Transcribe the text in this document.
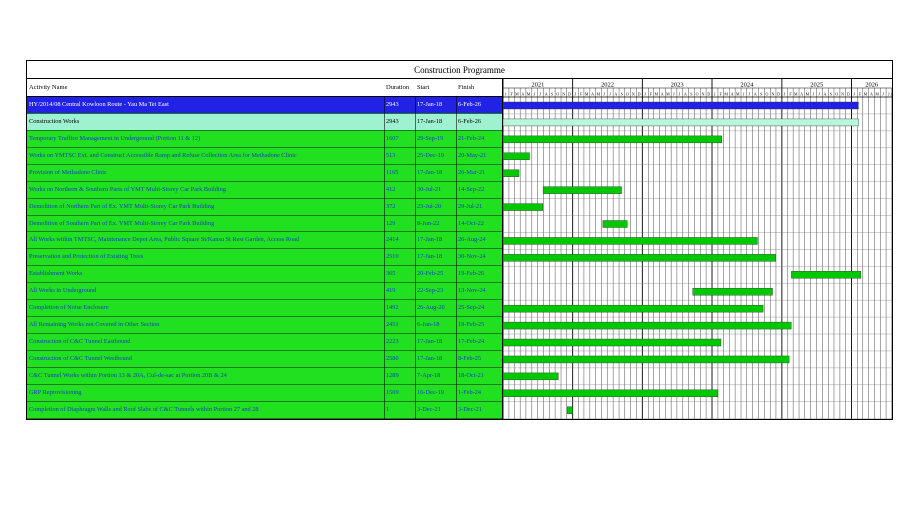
Construction Programme
Activity Name	Duration	Start	Finish
HY/2014/08 Central Kowloon Route - Yau Ma Tei East	2943	17-Jan-18	6-Feb-26
Construction Works	2943	17-Jan-18	6-Feb-26
Temporary Traffice Management in Underground (Portion 11 & 12)	1607	29-Sep-19	21-Feb-24
Works on YMTSC Ext. and Construct Accessible Ramp and Refuse Collection Area for Methadone Clinic	513	25-Dec-19	20-May-21
Provision of Methadone Clinic	1165	17-Jan-18	26-Mar-21
Works on Northern & Southern Parts of YMT Multi-Storey Car Park Building	412	30-Jul-21	14-Sep-22
Demolition of Northern Part of Ex. YMT Multi-Storey Car Park Building	372	23-Jul-20	29-Jul-21
Demolition of Southern Part of Ex. YMT Multi-Storey Car Park Building	129	8-Jun-22	14-Oct-22
All Works within TMTSC, Maintenance Depot Area, Public Square St/Kansu St Rest Garden, Access Road	2414	17-Jan-18	26-Aug-24
Preservation and Protection of Existing Trees	2510	17-Jan-18	30-Nov-24
Establishment Works	365	20-Feb-25	19-Feb-26
All Works in Underground	419	22-Sep-23	13-Nov-24
Completion of Noise Enclosure	1492	26-Aug-20	25-Sep-24
All Remaining Works not Covered in Other Section	2451	6-Jun-18	19-Feb-25
Construction of C&C Tunnel Eastbound	2223	17-Jan-18	17-Feb-24
Construction of C&C Tunnel Westbound	2580	17-Jan-18	8-Feb-25
C&C Tunnel Works within Portion 13 & 20A, Cul-de-sac at Portion 20B & 24	1289	7-Apr-18	18-Oct-21
GRP Reprovisioning	1509	16-Dec-19	1-Feb-24
Completion of Diaphragm Walls and Roof Slabs of C&C Tunnels within Portion 27 and 28	1	3-Dec-21	3-Dec-21
J F M A M J J A S O N D J F M A M J J A S O N D J F M A M J J A S O N D J F M A M J J A S O N D J F M A M J J A S O N D J F M A M J J A
2021	2022	2023	2024	2025	2026
